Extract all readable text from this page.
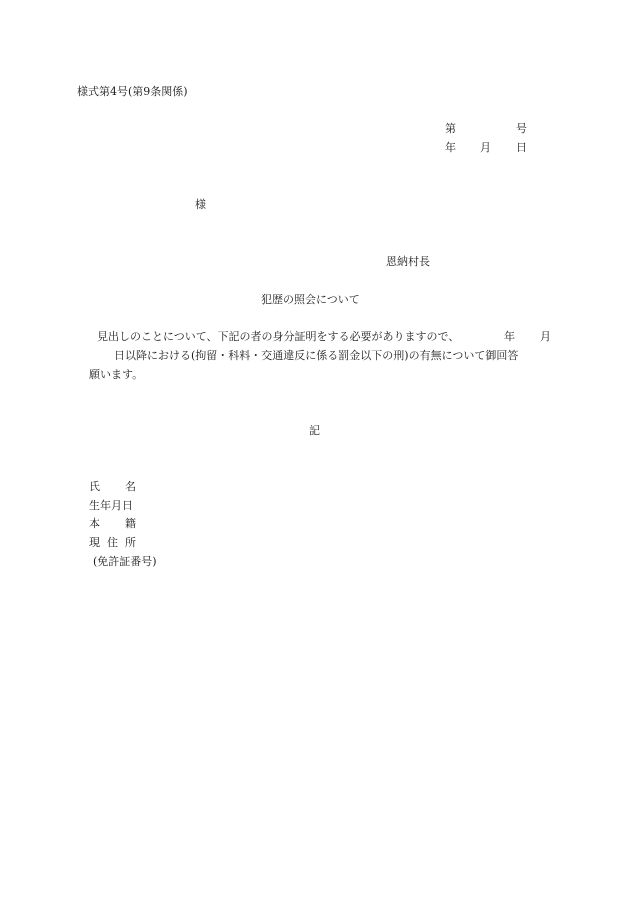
様式第4号(第9条関係)
第	号
年 月 日
様
恩納村長
犯歴の照会について
見出しのことについて、下記の者の身分証明をする必要がありますので、	年 月
日以降における(拘留・科料・交通違反に係る罰金以下の刑)の有無について御回答
願います。
記
氏 名
生年月日
本 籍
現 住 所
(免許証番号)
